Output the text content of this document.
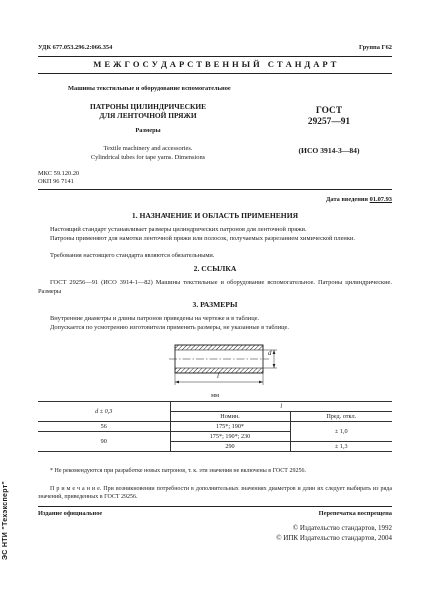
УДК 677.053.296.2:066.354	Группа Г62
М Е Ж Г О С У Д А Р С Т В Е Н Н Ы Й   С Т А Н Д А Р Т
Машины текстильные и оборудование вспомогательное
ПАТРОНЫ ЦИЛИНДРИЧЕСКИЕ
ДЛЯ ЛЕНТОЧНОЙ ПРЯЖИ
Размеры
Textile machinery and accessories.
Cylindrical tubes for tape yarns. Dimensions
МКС 59.120.20
ОКП 96 7141
ГОСТ
29257—91
(ИСО 3914-3—84)
Дата введения 01.07.93
1. НАЗНАЧЕНИЕ И ОБЛАСТЬ ПРИМЕНЕНИЯ
Настоящий стандарт устанавливает размеры цилиндрических патронов для ленточной пряжи.
Патроны применяют для намотки ленточной пряжи или полосок, получаемых разрезанием химической пленки.
Требования настоящего стандарта являются обязательными.
2. ССЫЛКА
ГОСТ 29256—91 (ИСО 3914-1—82) Машины текстильные и оборудование вспомогательное. Патроны цилиндрические. Размеры
3. РАЗМЕРЫ
Внутренние диаметры и длины патронов приведены на чертеже и в таблице.
Допускается по усмотрению изготовителя применять размеры, не указанные в таблице.
d
l
мм
d ± 0,3	l	
	Номин.	Пред. откл.
56	175*; 190*	± 1,0
90	175*; 190*; 230	
	290	± 1,3
* Не рекомендуются при разработке новых патронов, т. к. эти значения не включены в ГОСТ 29256.
П р и м е ч а н и е. При возникновении потребности в дополнительных значениях диаметров и длин их следует выбирать из ряда значений, приведенных в ГОСТ 29256.
Издание официальное	Перепечатка воспрещена
© Издательство стандартов, 1992
© ИПК Издательство стандартов, 2004
ЭС НТИ "Техэксперт"
